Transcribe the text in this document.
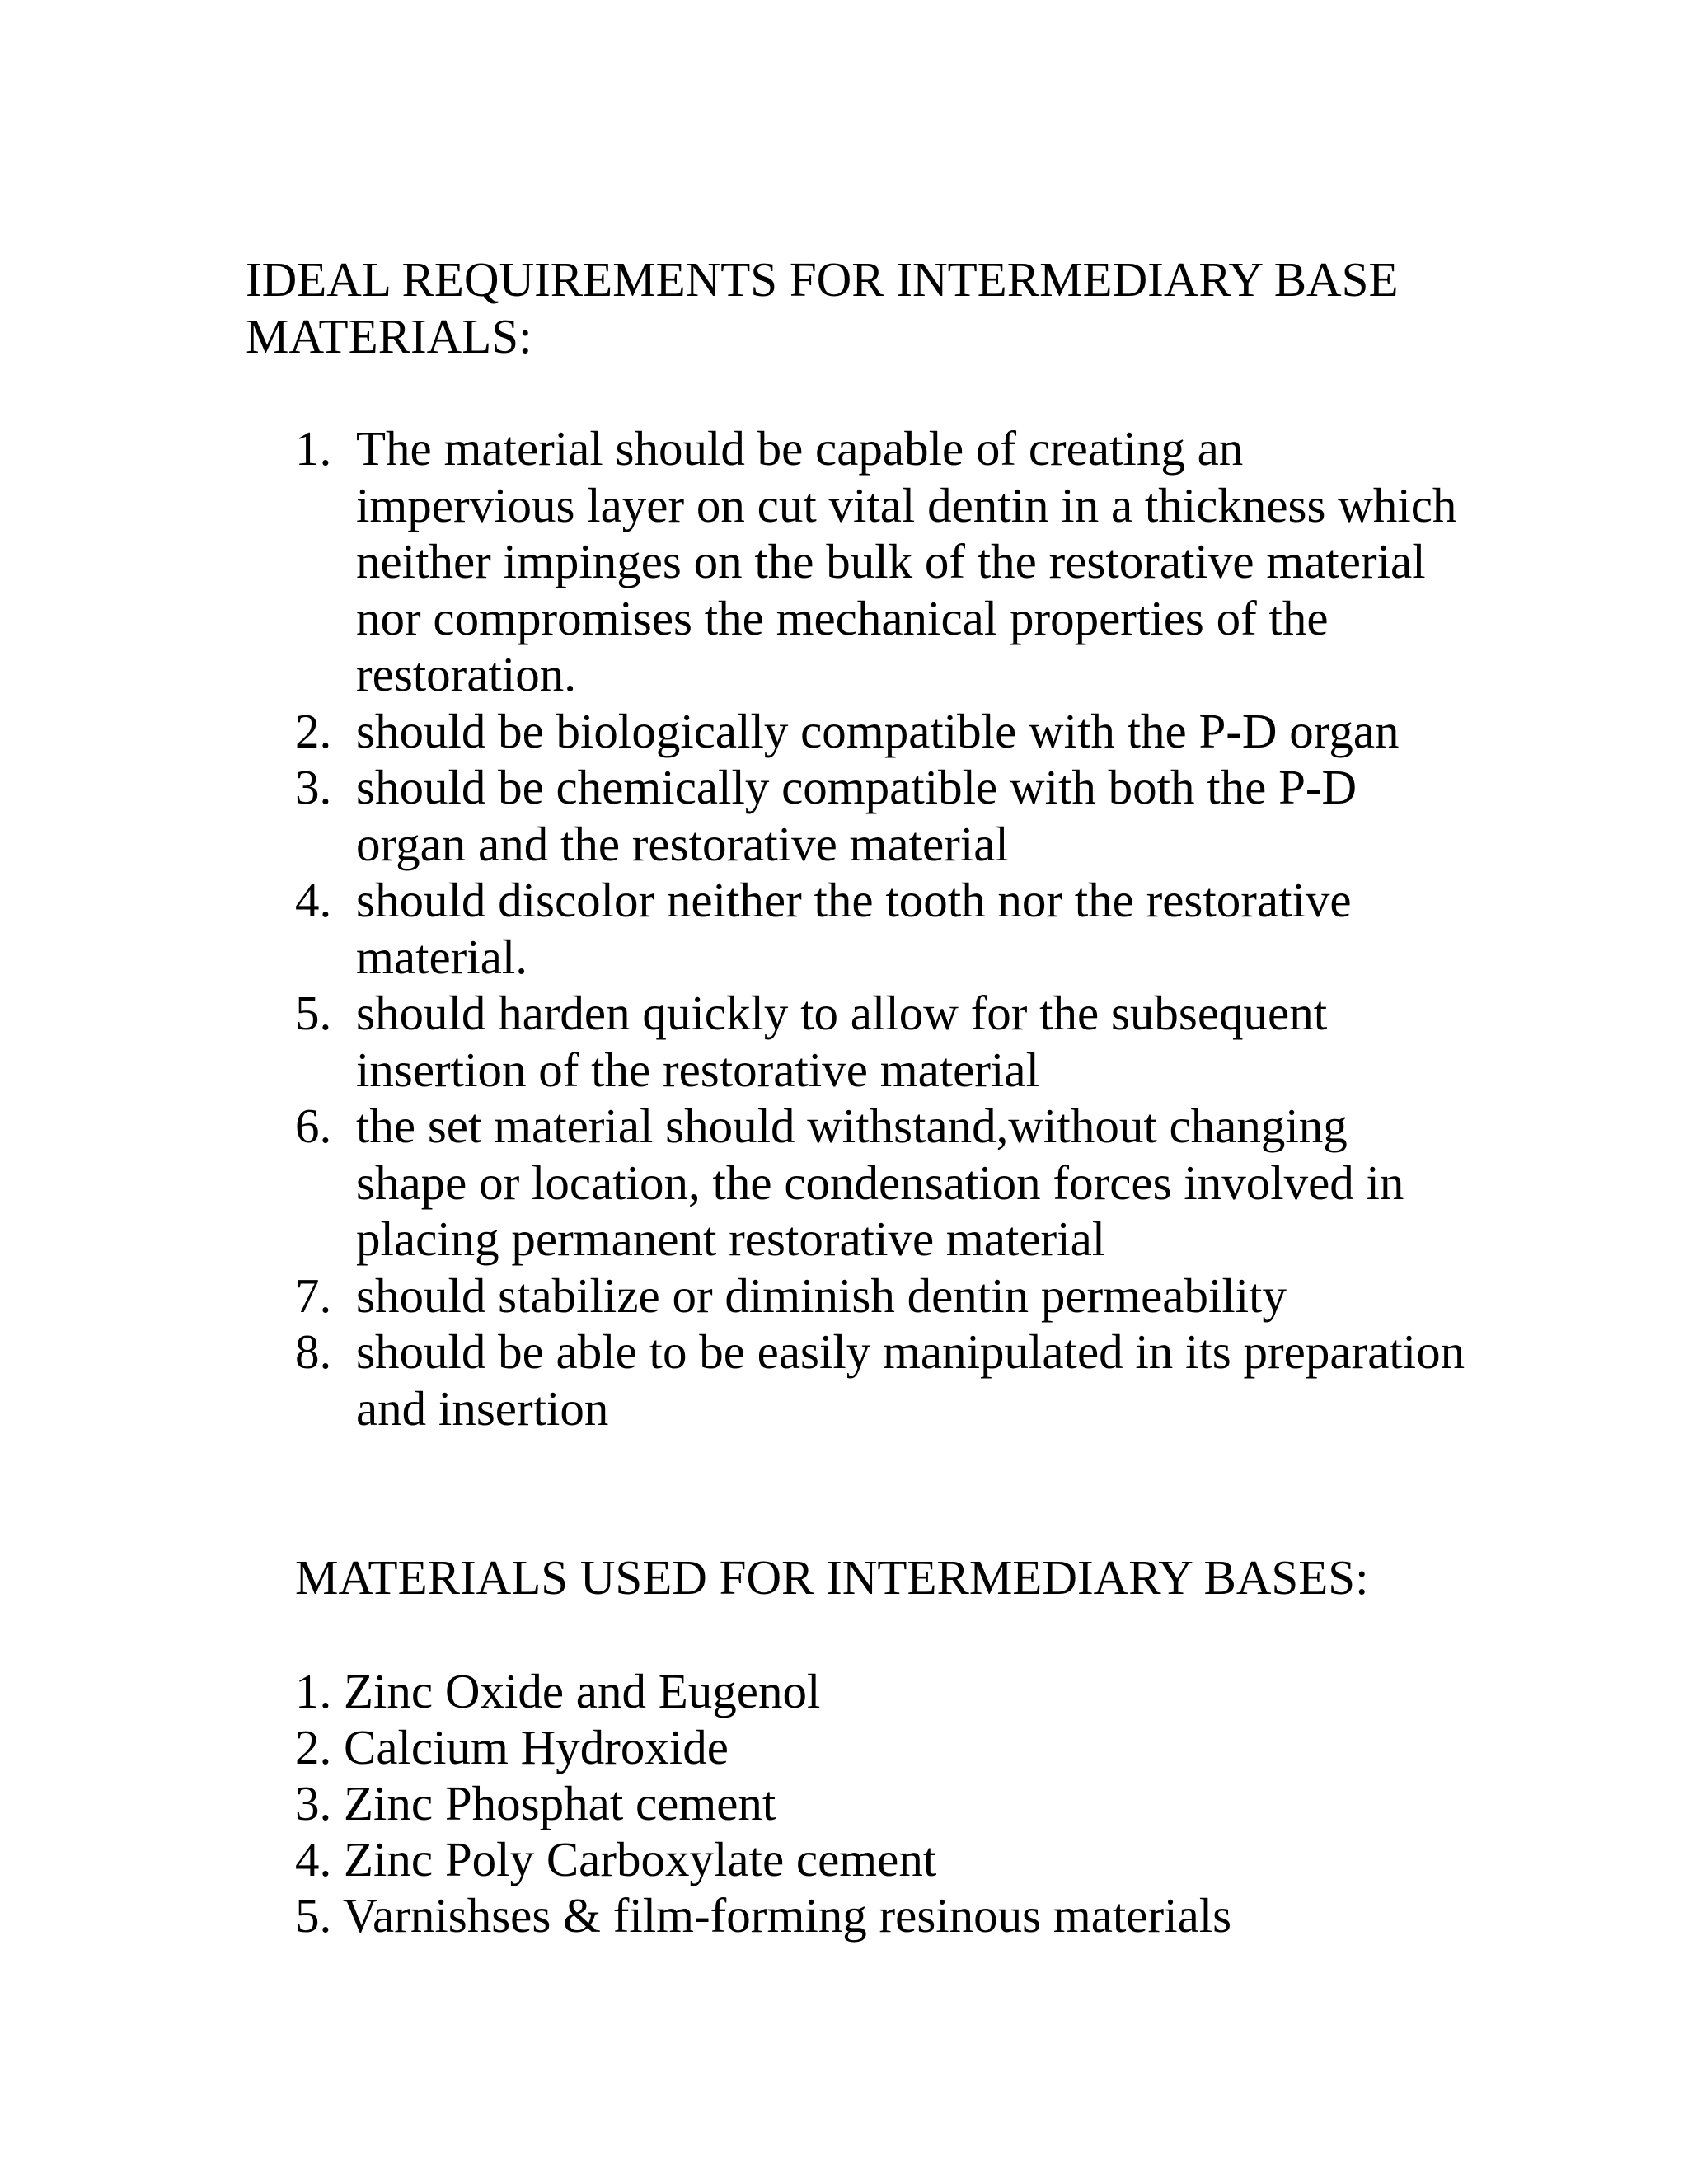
IDEAL REQUIREMENTS FOR INTERMEDIARY BASE MATERIALS:
1. The material should be capable of creating an impervious layer on cut vital dentin in a thickness which neither impinges on the bulk of the restorative material nor compromises the mechanical properties of the restoration.
2. should be biologically compatible with the P-D organ
3. should be chemically compatible with both the P-D organ and the restorative material
4. should discolor neither the tooth nor the restorative material.
5. should harden quickly to allow for the subsequent insertion of the restorative material
6. the set material should withstand,without changing shape or location, the condensation forces involved in placing permanent restorative material
7. should stabilize or diminish dentin permeability
8. should be able to be easily manipulated in its preparation and insertion
MATERIALS USED FOR INTERMEDIARY BASES:
1. Zinc Oxide and Eugenol
2. Calcium Hydroxide
3. Zinc Phosphat cement
4. Zinc Poly Carboxylate cement
5. Varnishses & film-forming resinous materials
